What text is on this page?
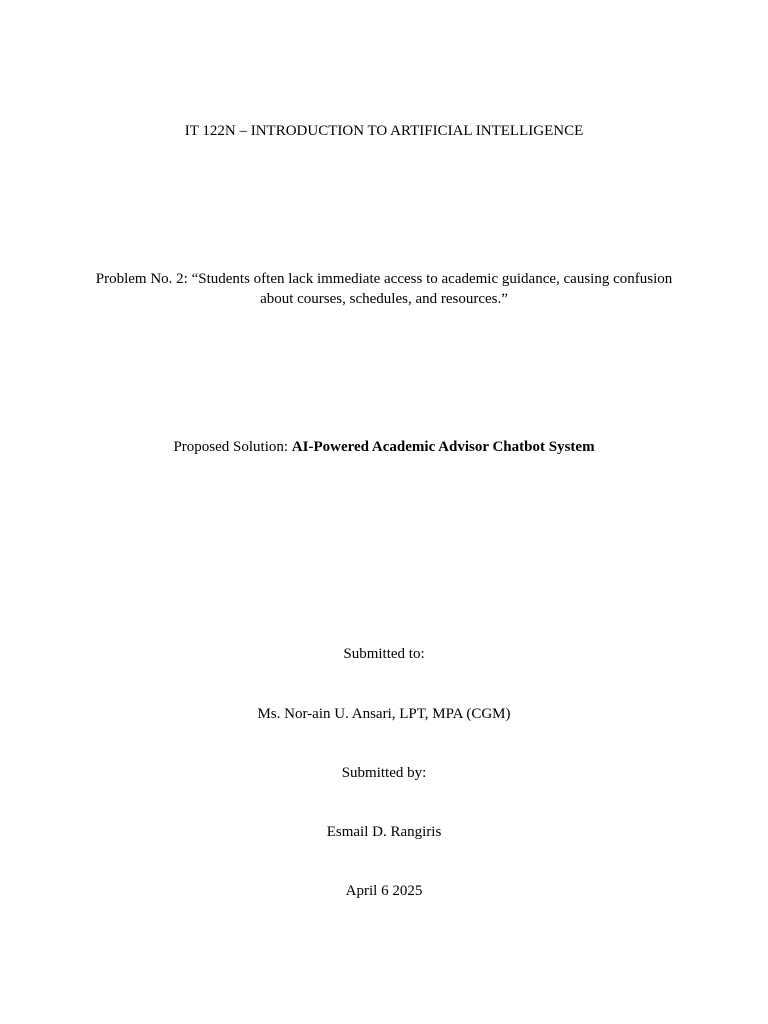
IT 122N – INTRODUCTION TO ARTIFICIAL INTELLIGENCE
Problem No. 2: “Students often lack immediate access to academic guidance, causing confusion about courses, schedules, and resources.”
Proposed Solution: AI-Powered Academic Advisor Chatbot System
Submitted to:
Ms. Nor-ain U. Ansari, LPT, MPA (CGM)
Submitted by:
Esmail D. Rangiris
April 6 2025
